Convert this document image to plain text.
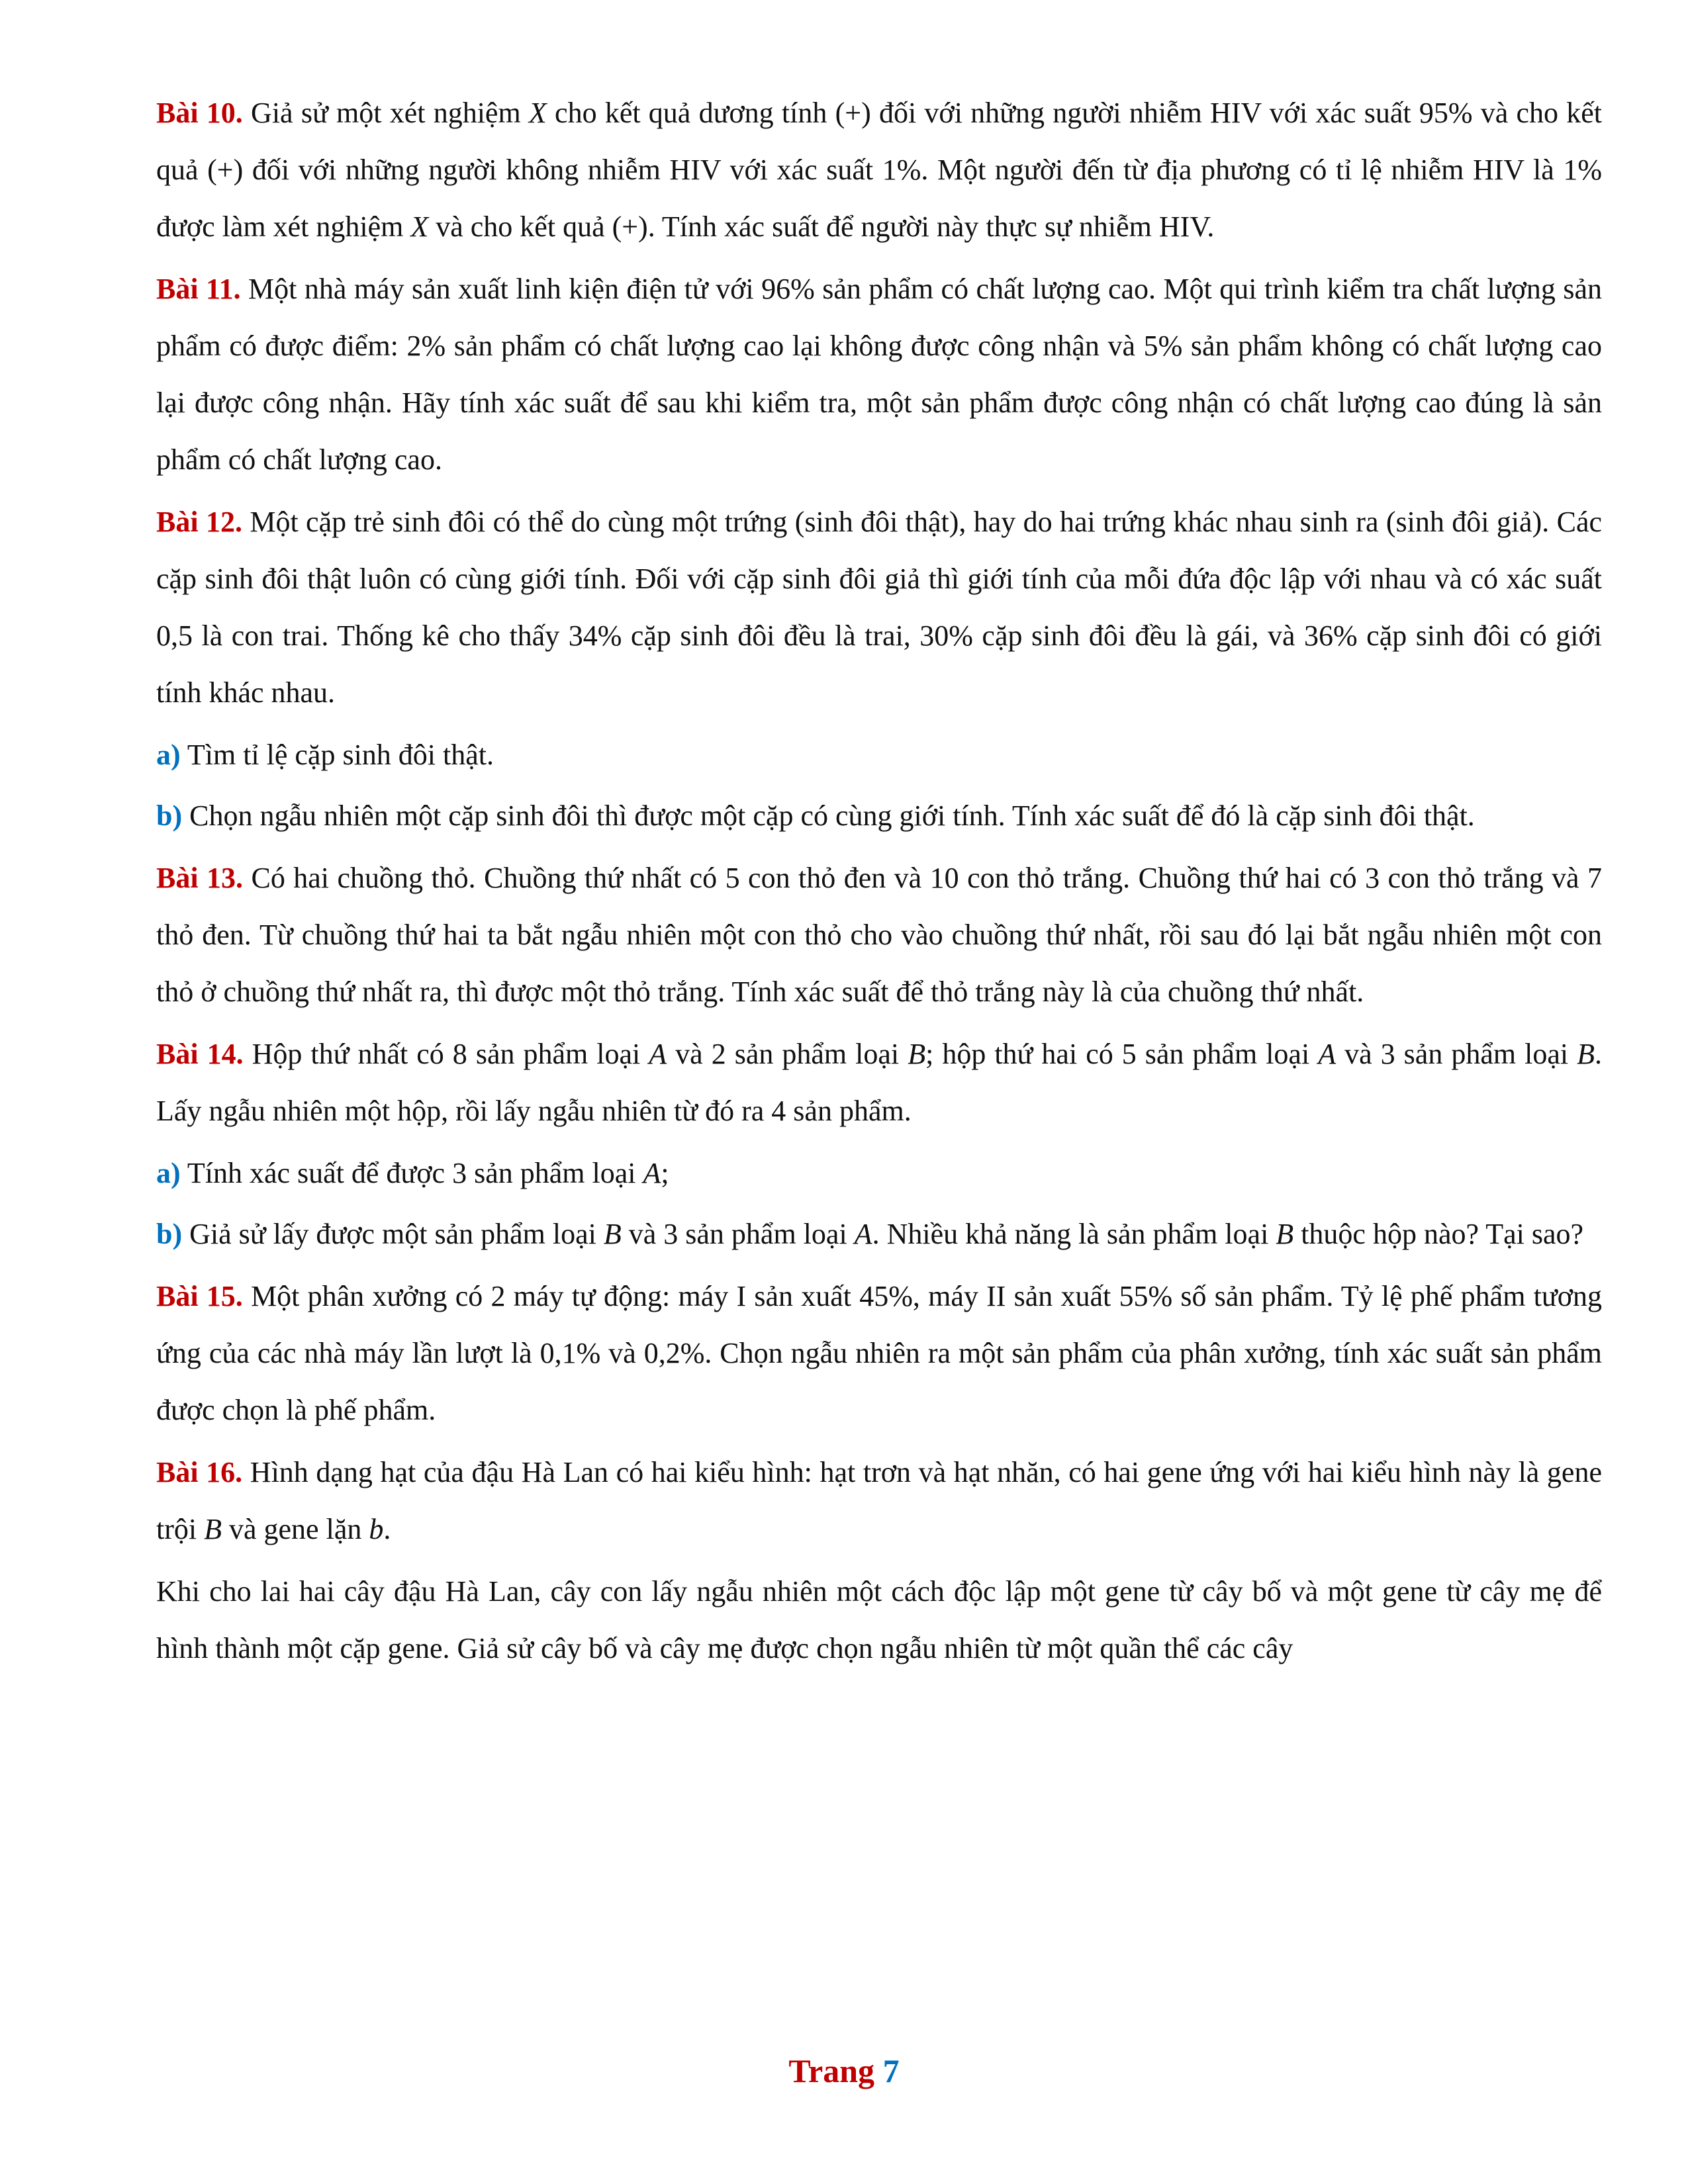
Bài 10. Giả sử một xét nghiệm X cho kết quả dương tính (+) đối với những người nhiễm HIV với xác suất 95% và cho kết quả (+) đối với những người không nhiễm HIV với xác suất 1%. Một người đến từ địa phương có tỉ lệ nhiễm HIV là 1% được làm xét nghiệm X và cho kết quả (+). Tính xác suất để người này thực sự nhiễm HIV.

Bài 11. Một nhà máy sản xuất linh kiện điện tử với 96% sản phẩm có chất lượng cao. Một qui trình kiểm tra chất lượng sản phẩm có được điểm: 2% sản phẩm có chất lượng cao lại không được công nhận và 5% sản phẩm không có chất lượng cao lại được công nhận. Hãy tính xác suất để sau khi kiểm tra, một sản phẩm được công nhận có chất lượng cao đúng là sản phẩm có chất lượng cao.

Bài 12. Một cặp trẻ sinh đôi có thể do cùng một trứng (sinh đôi thật), hay do hai trứng khác nhau sinh ra (sinh đôi giả). Các cặp sinh đôi thật luôn có cùng giới tính. Đối với cặp sinh đôi giả thì giới tính của mỗi đứa độc lập với nhau và có xác suất 0,5 là con trai. Thống kê cho thấy 34% cặp sinh đôi đều là trai, 30% cặp sinh đôi đều là gái, và 36% cặp sinh đôi có giới tính khác nhau.

a) Tìm tỉ lệ cặp sinh đôi thật.

b) Chọn ngẫu nhiên một cặp sinh đôi thì được một cặp có cùng giới tính. Tính xác suất để đó là cặp sinh đôi thật.

Bài 13. Có hai chuồng thỏ. Chuồng thứ nhất có 5 con thỏ đen và 10 con thỏ trắng. Chuồng thứ hai có 3 con thỏ trắng và 7 thỏ đen. Từ chuồng thứ hai ta bắt ngẫu nhiên một con thỏ cho vào chuồng thứ nhất, rồi sau đó lại bắt ngẫu nhiên một con thỏ ở chuồng thứ nhất ra, thì được một thỏ trắng. Tính xác suất để thỏ trắng này là của chuồng thứ nhất.

Bài 14. Hộp thứ nhất có 8 sản phẩm loại A và 2 sản phẩm loại B; hộp thứ hai có 5 sản phẩm loại A và 3 sản phẩm loại B. Lấy ngẫu nhiên một hộp, rồi lấy ngẫu nhiên từ đó ra 4 sản phẩm.

a) Tính xác suất để được 3 sản phẩm loại A;

b) Giả sử lấy được một sản phẩm loại B và 3 sản phẩm loại A. Nhiều khả năng là sản phẩm loại B thuộc hộp nào? Tại sao?

Bài 15. Một phân xưởng có 2 máy tự động: máy I sản xuất 45%, máy II sản xuất 55% số sản phẩm. Tỷ lệ phế phẩm tương ứng của các nhà máy lần lượt là 0,1% và 0,2%. Chọn ngẫu nhiên ra một sản phẩm của phân xưởng, tính xác suất sản phẩm được chọn là phế phẩm.

Bài 16. Hình dạng hạt của đậu Hà Lan có hai kiểu hình: hạt trơn và hạt nhăn, có hai gene ứng với hai kiểu hình này là gene trội B và gene lặn b.

Khi cho lai hai cây đậu Hà Lan, cây con lấy ngẫu nhiên một cách độc lập một gene từ cây bố và một gene từ cây mẹ để hình thành một cặp gene. Giả sử cây bố và cây mẹ được chọn ngẫu nhiên từ một quần thể các cây

Trang 7
